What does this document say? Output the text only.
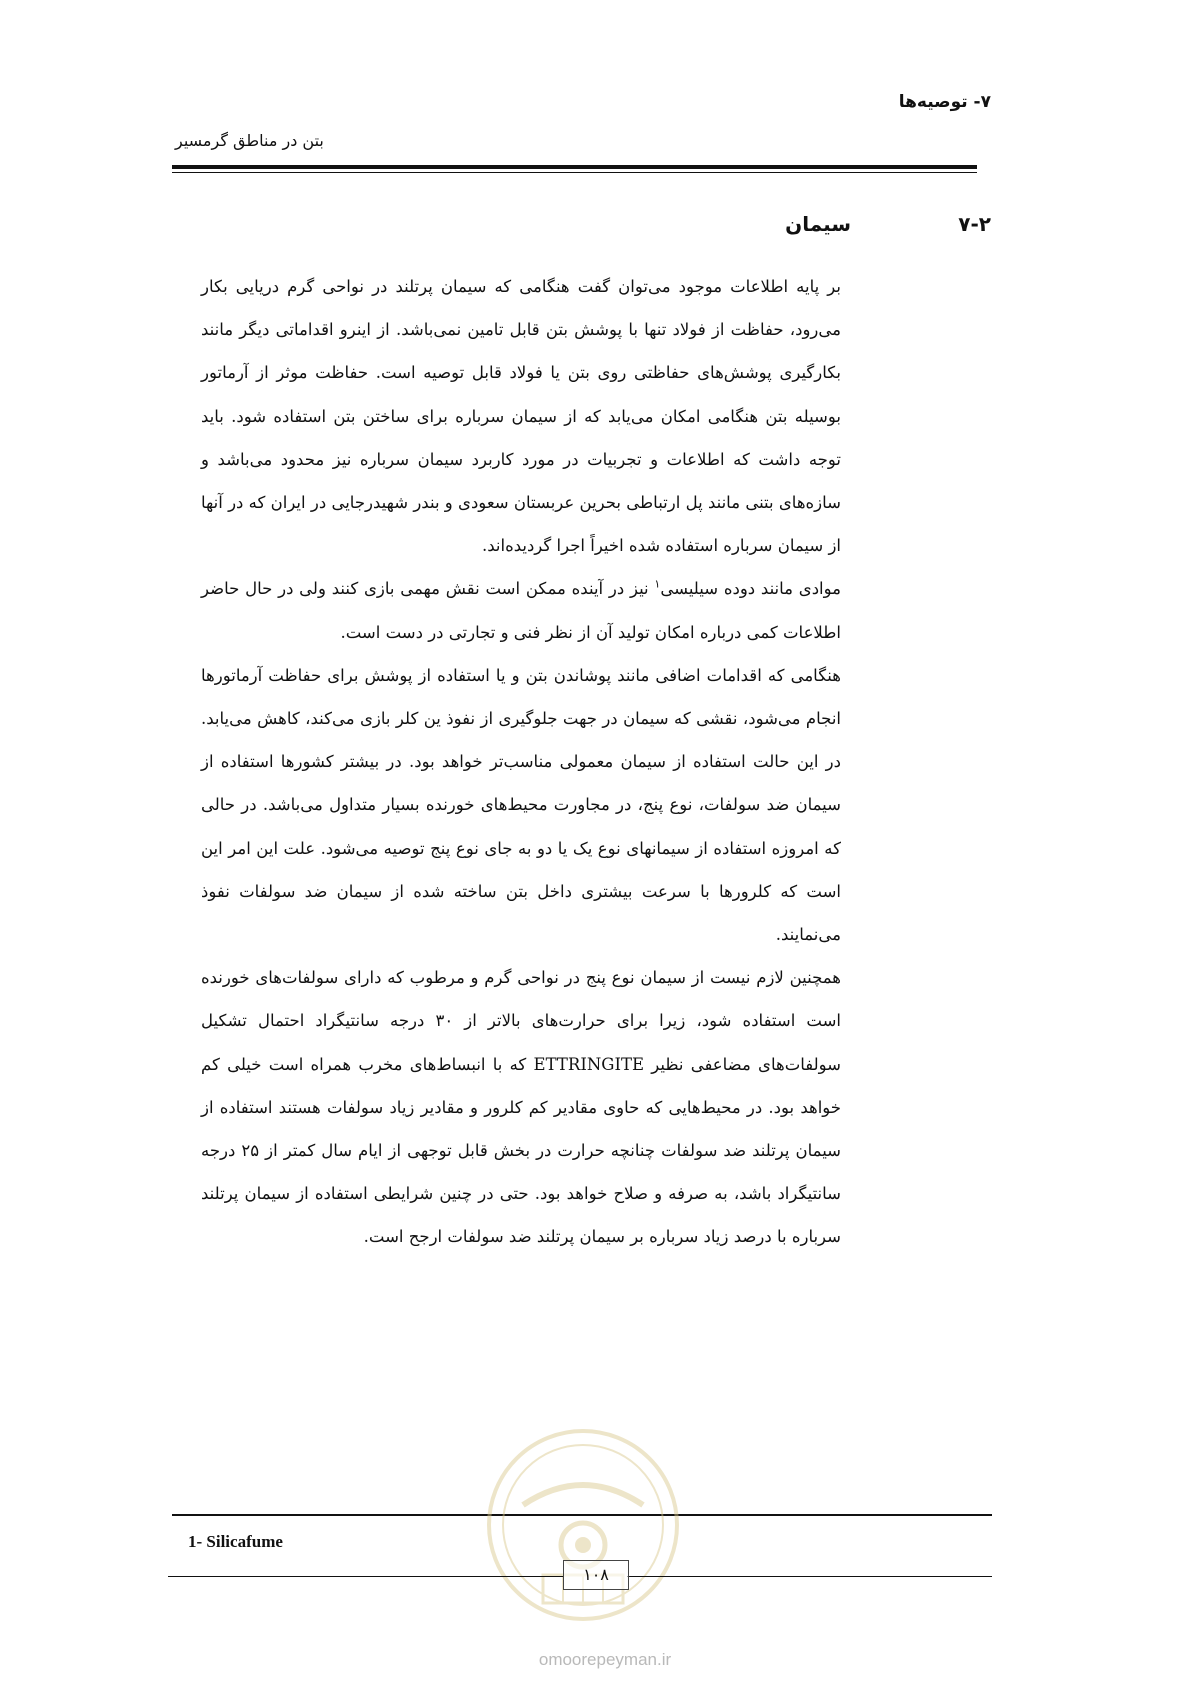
۷- توصیه‌ها
بتن در مناطق گرمسیر
۷-۲
سیمان

بر پایه اطلاعات موجود می‌توان گفت هنگامی که سیمان پرتلند در نواحی گرم دریایی بکار می‌رود، حفاظت از فولاد تنها با پوشش بتن قابل تامین نمی‌باشد. از اینرو اقداماتی دیگر مانند بکارگیری پوشش‌های حفاظتی روی بتن یا فولاد قابل توصیه است. حفاظت موثر از آرماتور بوسیله بتن هنگامی امکان می‌یابد که از سیمان سرباره برای ساختن بتن استفاده شود. باید توجه داشت که اطلاعات و تجربیات در مورد کاربرد سیمان سرباره نیز محدود می‌باشد و سازه‌های بتنی مانند پل ارتباطی بحرین عربستان سعودی و بندر شهیدرجایی در ایران که در آنها از سیمان سرباره استفاده شده اخیراً اجرا گردیده‌اند.

موادی مانند دوده سیلیسی$^۱$ نیز در آینده ممکن است نقش مهمی بازی کنند ولی در حال حاضر اطلاعات کمی درباره امکان تولید آن از نظر فنی و تجارتی در دست است.

هنگامی که اقدامات اضافی مانند پوشاندن بتن و یا استفاده از پوشش برای حفاظت آرماتورها انجام می‌شود، نقشی که سیمان در جهت جلوگیری از نفوذ ین کلر بازی می‌کند، کاهش می‌یابد. در این حالت استفاده از سیمان معمولی مناسب‌تر خواهد بود. در بیشتر کشورها استفاده از سیمان ضد سولفات، نوع پنج، در مجاورت محیط‌های خورنده بسیار متداول می‌باشد. در حالی که امروزه استفاده از سیمانهای نوع یک یا دو به جای نوع پنج توصیه می‌شود. علت این امر این است که کلرورها با سرعت بیشتری داخل بتن ساخته شده از سیمان ضد سولفات نفوذ می‌نمایند.

همچنین لازم نیست از سیمان نوع پنج در نواحی گرم و مرطوب که دارای سولفات‌های خورنده است استفاده شود، زیرا برای حرارت‌های بالاتر از ۳۰ درجه سانتیگراد احتمال تشکیل سولفات‌های مضاعفی نظیر ETTRINGITE که با انبساط‌های مخرب همراه است خیلی کم خواهد بود. در محیط‌هایی که حاوی مقادیر کم کلرور و مقادیر زیاد سولفات هستند استفاده از سیمان پرتلند ضد سولفات چنانچه حرارت در بخش قابل توجهی از ایام سال کمتر از ۲۵ درجه سانتیگراد باشد، به صرفه و صلاح خواهد بود. حتی در چنین شرایطی استفاده از سیمان پرتلند سرباره با درصد زیاد سرباره بر سیمان پرتلند ضد سولفات ارجح است.

1- Silicafume
۱۰۸
omoorepeyman.ir
